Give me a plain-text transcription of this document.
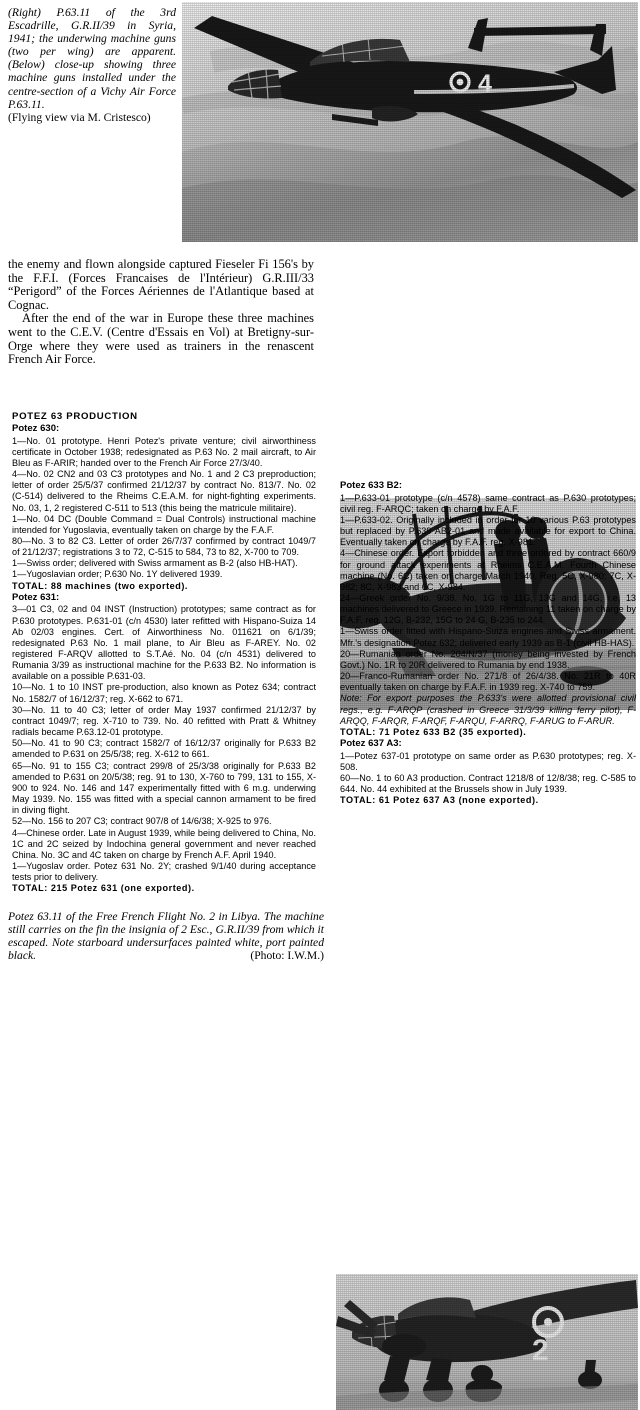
(Right) P.63.11 of the 3rd Escadrille, G.R.II/39 in Syria, 1941; the underwing machine guns (two per wing) are apparent. (Below) close-up showing three machine guns installed under the centre-section of a Vichy Air Force P.63.11.
(Flying view via M. Cristesco)
4

the enemy and flown alongside captured Fieseler Fi 156's by the F.F.I. (Forces Francaises de l'Intérieur) G.R.III/33 “Perigord” of the Forces Aériennes de l'Atlantique based at Cognac.

After the end of the war in Europe these three machines went to the C.E.V. (Centre d'Essais en Vol) at Bretigny-sur-Orge where they were used as trainers in the renascent French Air Force.

POTEZ 63 PRODUCTION

Potez 630:

1—No. 01 prototype. Henri Potez's private venture; civil airworthiness certificate in October 1938; redesignated as P.63 No. 2 mail aircraft, to Air Bleu as F-ARIR; handed over to the French Air Force 27/3/40.

4—No. 02 CN2 and 03 C3 prototypes and No. 1 and 2 C3 preproduction; letter of order 25/5/37 confirmed 21/12/37 by contract No. 813/7. No. 02 (C-514) delivered to the Rheims C.E.A.M. for night-fighting experiments. No. 03, 1, 2 registered C-511 to 513 (this being the matricule militaire).

1—No. 04 DC (Double Command = Dual Controls) instructional machine intended for Yugoslavia, eventually taken on charge by the F.A.F.

80—No. 3 to 82 C3. Letter of order 26/7/37 confirmed by contract 1049/7 of 21/12/37; registrations 3 to 72, C-515 to 584, 73 to 82, X-700 to 709.

1—Swiss order; delivered with Swiss armament as B-2 (also HB-HAT).

1—Yugoslavian order; P.630 No. 1Y delivered 1939.

TOTAL: 88 machines (two exported).

Potez 631:

3—01 C3, 02 and 04 INST (Instruction) prototypes; same contract as for P.630 prototypes. P.631-01 (c/n 4530) later refitted with Hispano-Suiza 14 Ab 02/03 engines. Cert. of Airworthiness No. 011621 on 6/1/39; redesignated P.63 No. 1 mail plane, to Air Bleu as F-AREY. No. 02 registered F-ARQV allotted to S.T.Aé. No. 04 (c/n 4531) delivered to Rumania 3/39 as instructional machine for the P.633 B2. No information is available on a possible P.631-03.

10—No. 1 to 10 INST pre-production, also known as Potez 634; contract No. 1582/7 of 16/12/37; reg. X-662 to 671.

30—No. 11 to 40 C3; letter of order May 1937 confirmed 21/12/37 by contract 1049/7; reg. X-710 to 739. No. 40 refitted with Pratt & Whitney radials became P.63.12-01 prototype.

50—No. 41 to 90 C3; contract 1582/7 of 16/12/37 originally for P.633 B2 amended to P.631 on 25/5/38; reg. X-612 to 661.

65—No. 91 to 155 C3; contract 299/8 of 25/3/38 originally for P.633 B2 amended to P.631 on 20/5/38; reg. 91 to 130, X-760 to 799, 131 to 155, X-900 to 924. No. 146 and 147 experimentally fitted with 6 m.g. underwing May 1939. No. 155 was fitted with a special cannon armament to be fired in diving flight.

52—No. 156 to 207 C3; contract 907/8 of 14/6/38; X-925 to 976.

4—Chinese order. Late in August 1939, while being delivered to China, No. 1C and 2C seized by Indochina general government and never reached China. No. 3C and 4C taken on charge by French A.F. April 1940.

1—Yugoslav order. Potez 631 No. 2Y; crashed 9/1/40 during acceptance tests prior to delivery.

TOTAL: 215 Potez 631 (one exported).

Potez 63.11 of the Free French Flight No. 2 in Libya. The machine still carries on the fin the insignia of 2 Esc., G.R.II/39 from which it escaped. Note starboard undersurfaces painted white, port painted black.	(Photo: I.W.M.)

Potez 633 B2:

1—P.633-01 prototype (c/n 4578) same contract as P.630 prototypes; civil reg. F-ARQC; taken on charge by F.A.F.

1—P.633-02. Originally included in order for 10 various P.63 prototypes but replaced by P.639 AB2-01 and made available for export to China. Eventually taken on charge by F.A.F. reg. X-981.

4—Chinese order. Export forbidden and three ordered by contract 660/9 for ground attack experiments at Rheims C.E.A.M. Fourth Chinese machine (No. 6C) taken on charge March 1940. Reg. 5C, X-980; 7C, X-982; 8C, X-983 and 6C, X-984.

24—Greek order No. 9/38. No. 1G to 11G, 13G and 14G, i.e. 13 machines delivered to Greece in 1939. Remaining 11 taken on charge by F.A.F. reg. 12G, B-232, 15G to 24 G, B-235 to 244.

1—Swiss order fitted with Hispano-Suiza engines and Swiss armament. Mfr.'s designation Potez 632; delivered early 1939 as B-1 (civil HB-HAS).

20—Rumanian order No. 204/N/37 (money being invested by French Govt.) No. 1R to 20R delivered to Rumania by end 1938.

20—Franco-Rumanian order No. 271/8 of 26/4/38. No. 21R to 40R eventually taken on charge by F.A.F. in 1939 reg. X-740 to 759.

Note: For export purposes the P.633's were allotted provisional civil regs., e.g. F-ARQP (crashed in Greece 31/3/39 killing ferry pilot), F-ARQQ, F-ARQR, F-ARQF, F-ARQU, F-ARRQ, F-ARUG to F-ARUR.

TOTAL: 71 Potez 633 B2 (35 exported).

Potez 637 A3:

1—Potez 637-01 prototype on same order as P.630 prototypes; reg. X-508.

60—No. 1 to 60 A3 production. Contract 1218/8 of 12/8/38; reg. C-585 to 644. No. 44 exhibited at the Brussels show in July 1939.

TOTAL: 61 Potez 637 A3 (none exported).

2
